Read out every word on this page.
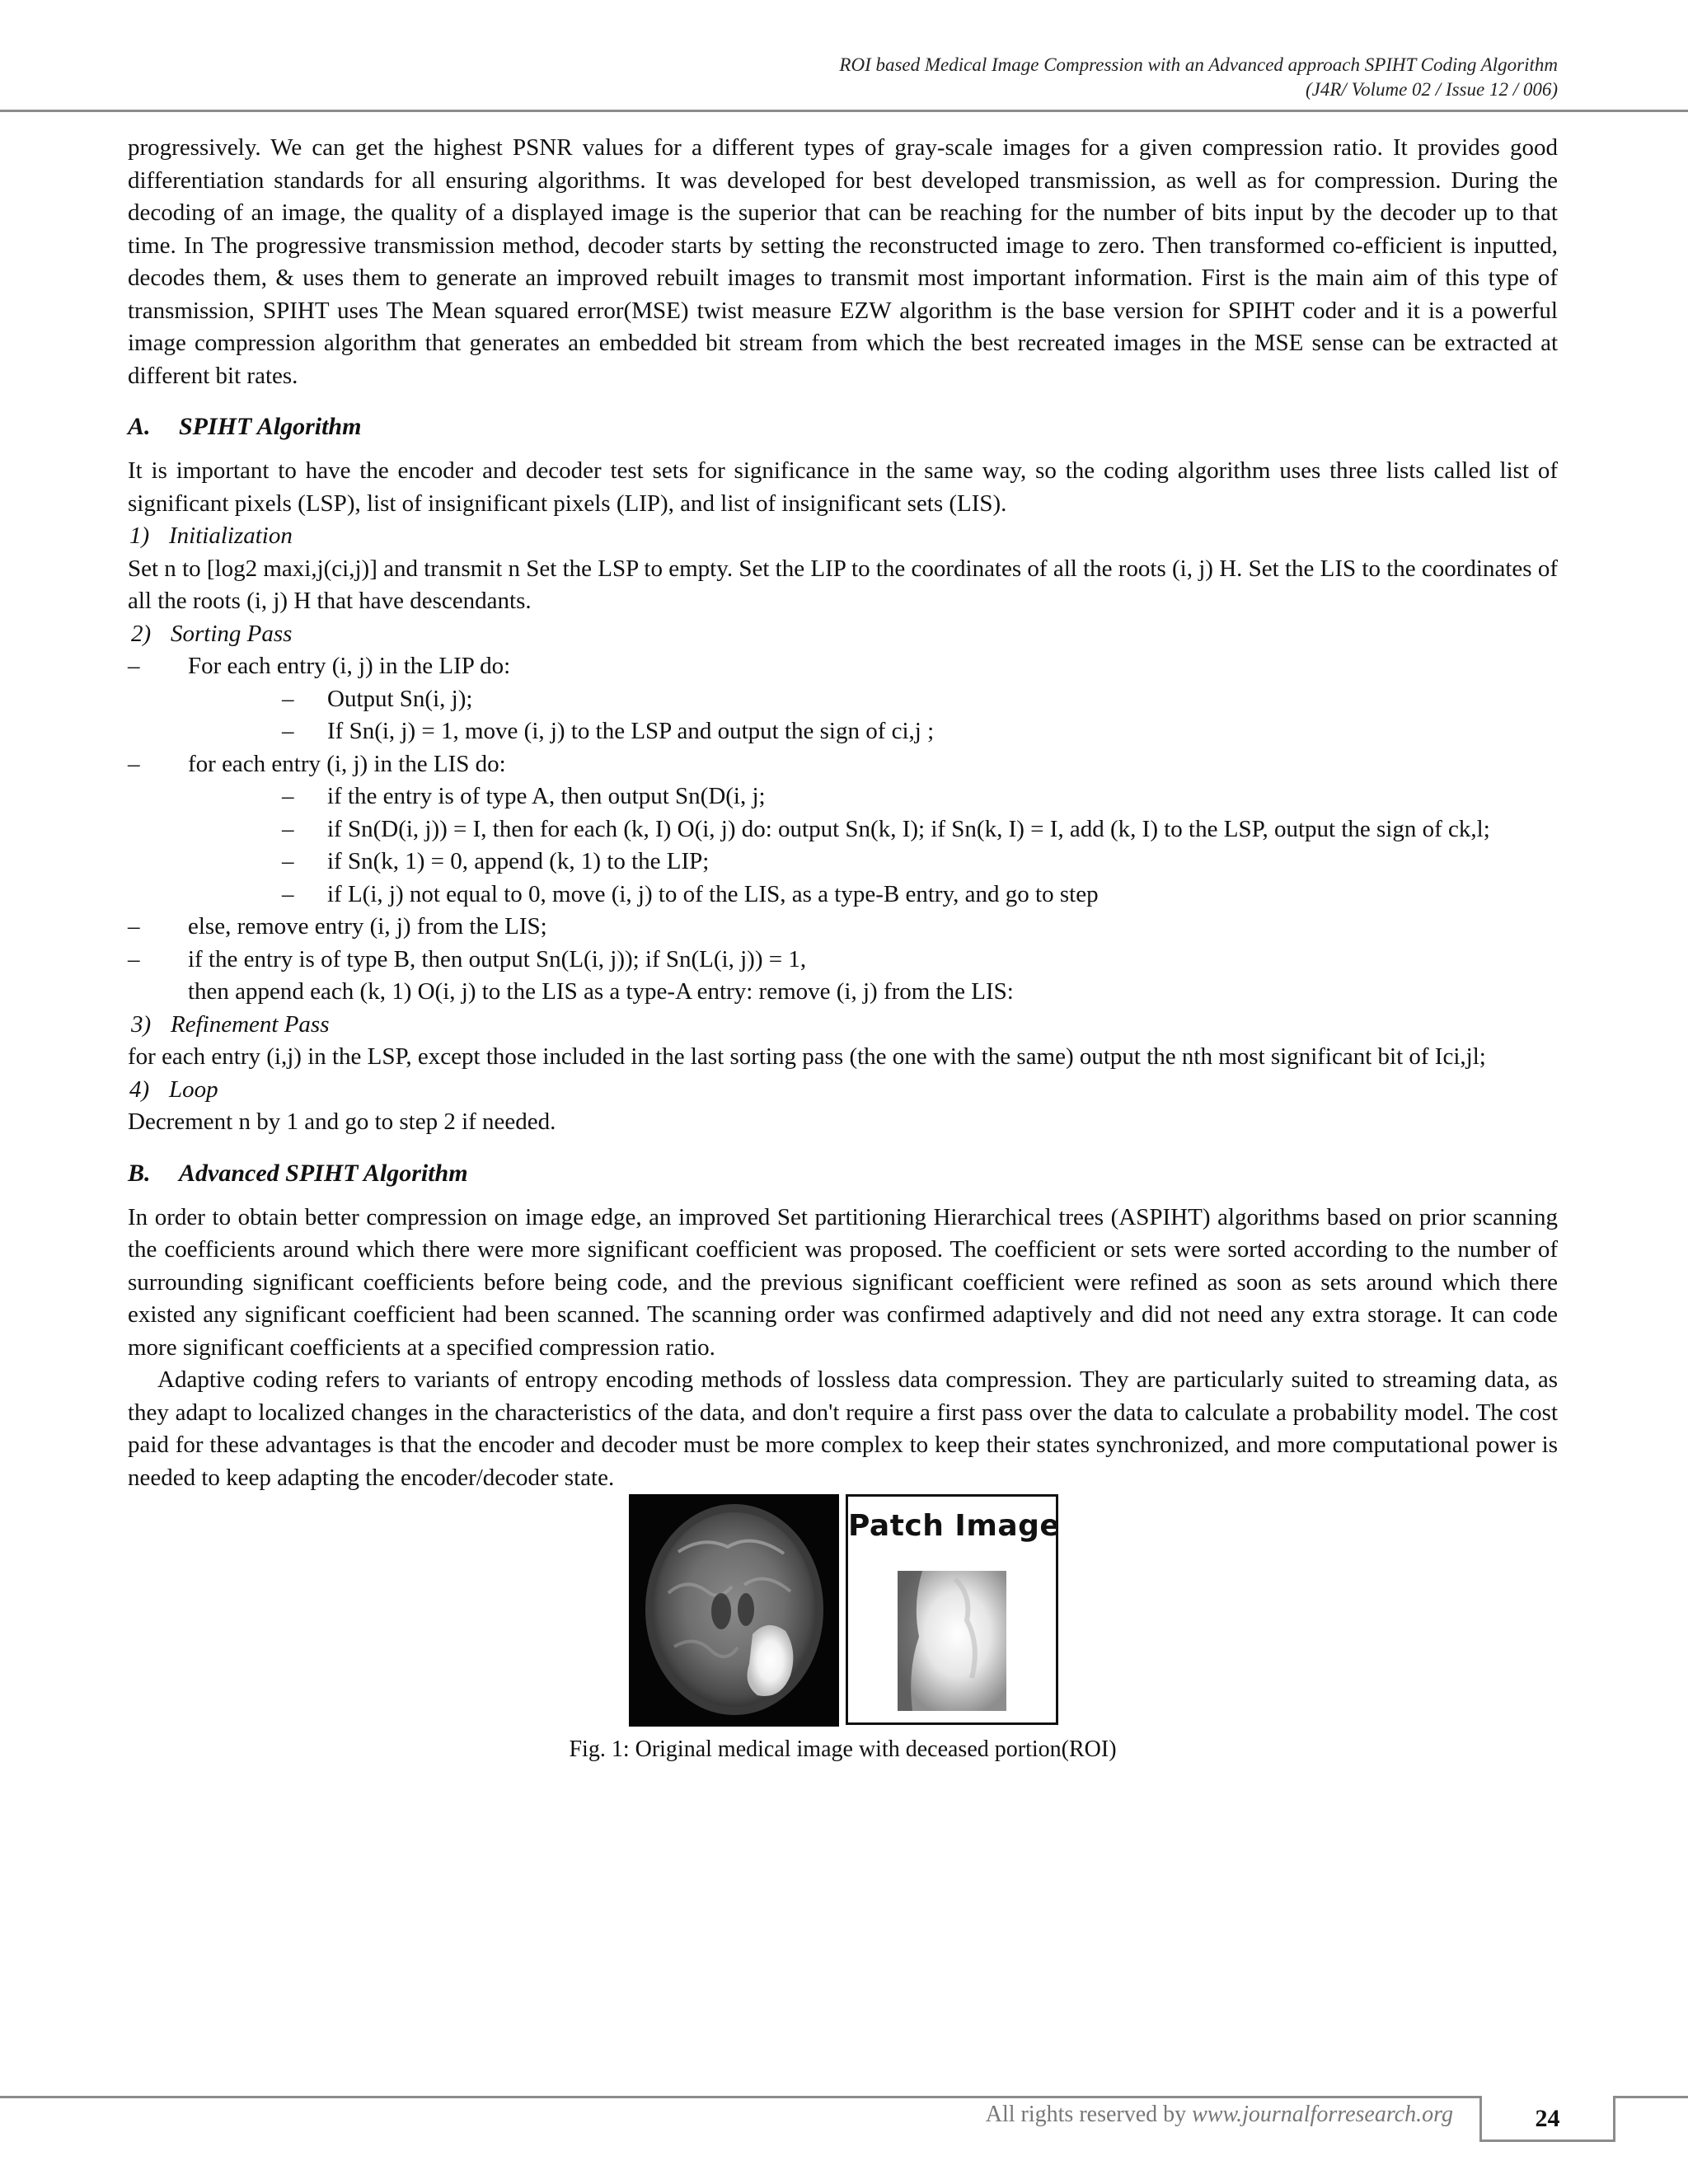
ROI based Medical Image Compression with an Advanced approach SPIHT Coding Algorithm
(J4R/ Volume 02 / Issue 12 / 006)

progressively. We can get the highest PSNR values for a different types of gray-scale images for a given compression ratio. It provides good differentiation standards for all ensuring algorithms. It was developed for best developed transmission, as well as for compression. During the decoding of an image, the quality of a displayed image is the superior that can be reaching for the number of bits input by the decoder up to that time. In The progressive transmission method, decoder starts by setting the reconstructed image to zero. Then transformed co-efficient is inputted, decodes them, & uses them to generate an improved rebuilt images to transmit most important information. First is the main aim of this type of transmission, SPIHT uses The Mean squared error(MSE) twist measure EZW algorithm is the base version for SPIHT coder and it is a powerful image compression algorithm that generates an embedded bit stream from which the best recreated images in the MSE sense can be extracted at different bit rates.

A. SPIHT Algorithm

It is important to have the encoder and decoder test sets for significance in the same way, so the coding algorithm uses three lists called list of significant pixels (LSP), list of insignificant pixels (LIP), and list of insignificant sets (LIS).

1) Initialization

Set n to [log2 maxi,j(ci,j)] and transmit n Set the LSP to empty. Set the LIP to the coordinates of all the roots (i, j) H. Set the LIS to the coordinates of all the roots (i, j) H that have descendants.

2) Sorting Pass
–	For each entry (i, j) in the LIP do:
–	Output Sn(i, j);
–	If Sn(i, j) = 1, move (i, j) to the LSP and output the sign of ci,j ;
–	for each entry (i, j) in the LIS do:
–	if the entry is of type A, then output Sn(D(i, j;
–	if Sn(D(i, j)) = I, then for each (k, I) O(i, j) do: output Sn(k, I); if Sn(k, I) = I, add (k, I) to the LSP, output the sign of ck,l;
–	if Sn(k, 1) = 0, append (k, 1) to the LIP;
–	if L(i, j) not equal to 0, move (i, j) to of the LIS, as a type-B entry, and go to step
–	else, remove entry (i, j) from the LIS;
–	if the entry is of type B, then output Sn(L(i, j)); if Sn(L(i, j)) = 1,
then append each (k, 1) O(i, j) to the LIS as a type-A entry: remove (i, j) from the LIS:
3) Refinement Pass

for each entry (i,j) in the LSP, except those included in the last sorting pass (the one with the same) output the nth most significant bit of Ici,jl;

4) Loop

Decrement n by 1 and go to step 2 if needed.

B. Advanced SPIHT Algorithm

In order to obtain better compression on image edge, an improved Set partitioning Hierarchical trees (ASPIHT) algorithms based on prior scanning the coefficients around which there were more significant coefficient was proposed. The coefficient or sets were sorted according to the number of surrounding significant coefficients before being code, and the previous significant coefficient were refined as soon as sets around which there existed any significant coefficient had been scanned. The scanning order was confirmed adaptively and did not need any extra storage. It can code more significant coefficients at a specified compression ratio.

Adaptive coding refers to variants of entropy encoding methods of lossless data compression. They are particularly suited to streaming data, as they adapt to localized changes in the characteristics of the data, and don't require a first pass over the data to calculate a probability model. The cost paid for these advantages is that the encoder and decoder must be more complex to keep their states synchronized, and more computational power is needed to keep adapting the encoder/decoder state.

Patch Image
Fig. 1: Original medical image with deceased portion(ROI)
All rights reserved by www.journalforresearch.org	24
